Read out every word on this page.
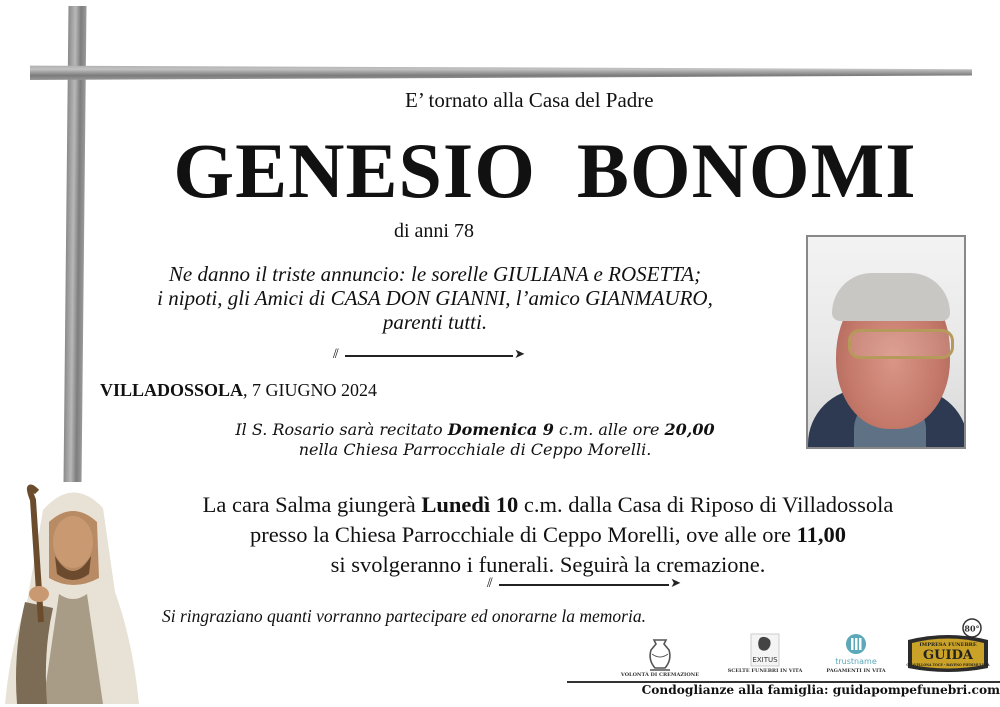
E’ tornato alla Casa del Padre
GENESIO  BONOMI
di anni 78
Ne danno il triste annuncio: le sorelle GIULIANA e ROSETTA;
i nipoti, gli Amici di CASA DON GIANNI, l’amico GIANMAURO,
parenti tutti.
⫽	➤
VILLADOSSOLA, 7 GIUGNO 2024
Il S. Rosario sarà recitato Domenica 9 c.m. alle ore 20,00
nella Chiesa Parrocchiale di Ceppo Morelli.
La cara Salma giungerà Lunedì 10 c.m. dalla Casa di Riposo di Villadossola
presso la Chiesa Parrocchiale di Ceppo Morelli, ove alle ore 11,00
si svolgeranno i funerali. Seguirà la cremazione.
⫽	➤
Si ringraziano quanti vorranno partecipare ed onorarne la memoria.
VOLONTÀ DI CREMAZIONE
EXITUS
SCELTE FUNEBRI IN VITA
trustname
PAGAMENTI IN VITA
80°
IMPRESA FUNEBRE
GUIDA
GRAVELLONA TOCE - BAVENO PIEDIMULERA
Condoglianze alla famiglia: guidapompefunebri.com
